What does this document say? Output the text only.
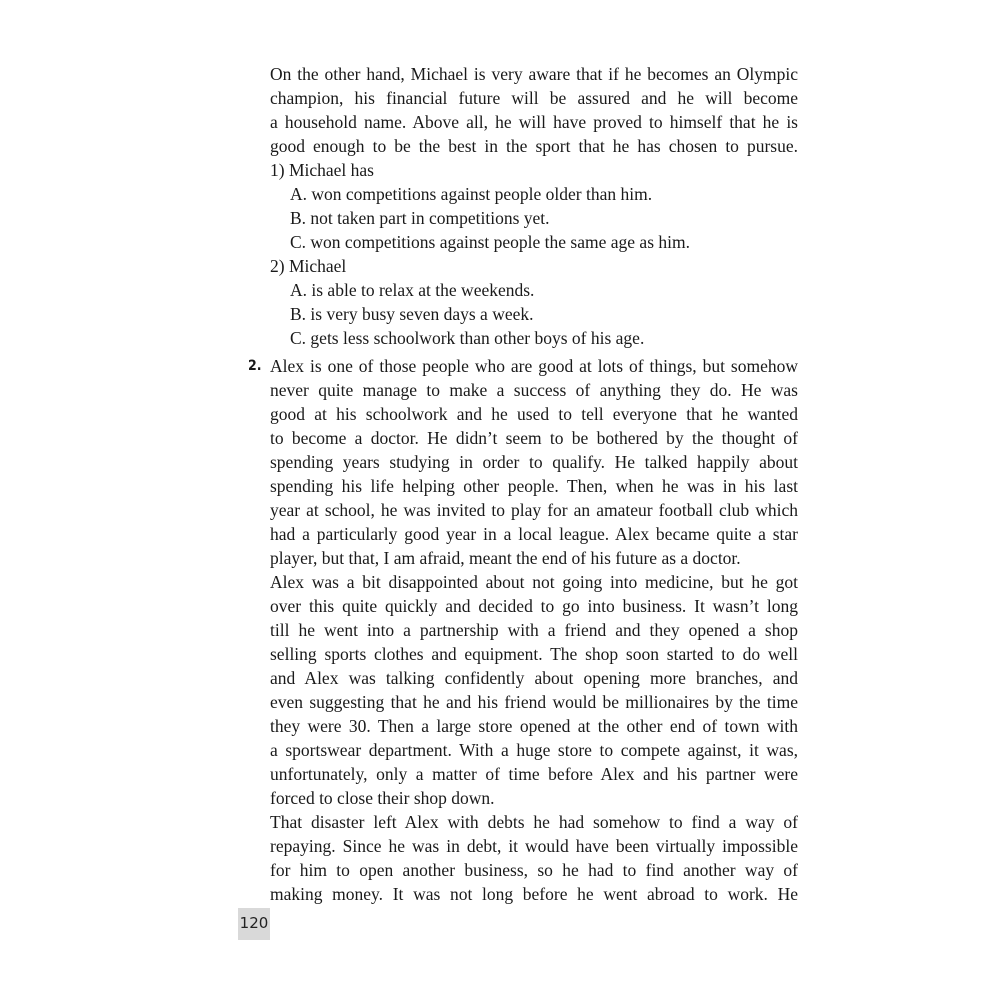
On the other hand, Michael is very aware that if he becomes an Olympic
champion, his financial future will be assured and he will become
a household name. Above all, he will have proved to himself that he is
good enough to be the best in the sport that he has chosen to pursue.
1) Michael has
A. won competitions against people older than him.
B. not taken part in competitions yet.
C. won competitions against people the same age as him.
2) Michael
A. is able to relax at the weekends.
B. is very busy seven days a week.
C. gets less schoolwork than other boys of his age.
2. Alex is one of those people who are good at lots of things, but somehow
never quite manage to make a success of anything they do. He was
good at his schoolwork and he used to tell everyone that he wanted
to become a doctor. He didn’t seem to be bothered by the thought of
spending years studying in order to qualify. He talked happily about
spending his life helping other people. Then, when he was in his last
year at school, he was invited to play for an amateur football club which
had a particularly good year in a local league. Alex became quite a star
player, but that, I am afraid, meant the end of his future as a doctor.
Alex was a bit disappointed about not going into medicine, but he got
over this quite quickly and decided to go into business. It wasn’t long
till he went into a partnership with a friend and they opened a shop
selling sports clothes and equipment. The shop soon started to do well
and Alex was talking confidently about opening more branches, and
even suggesting that he and his friend would be millionaires by the time
they were 30. Then a large store opened at the other end of town with
a sportswear department. With a huge store to compete against, it was,
unfortunately, only a matter of time before Alex and his partner were
forced to close their shop down.
That disaster left Alex with debts he had somehow to find a way of
repaying. Since he was in debt, it would have been virtually impossible
for him to open another business, so he had to find another way of
making money. It was not long before he went abroad to work. He
120
